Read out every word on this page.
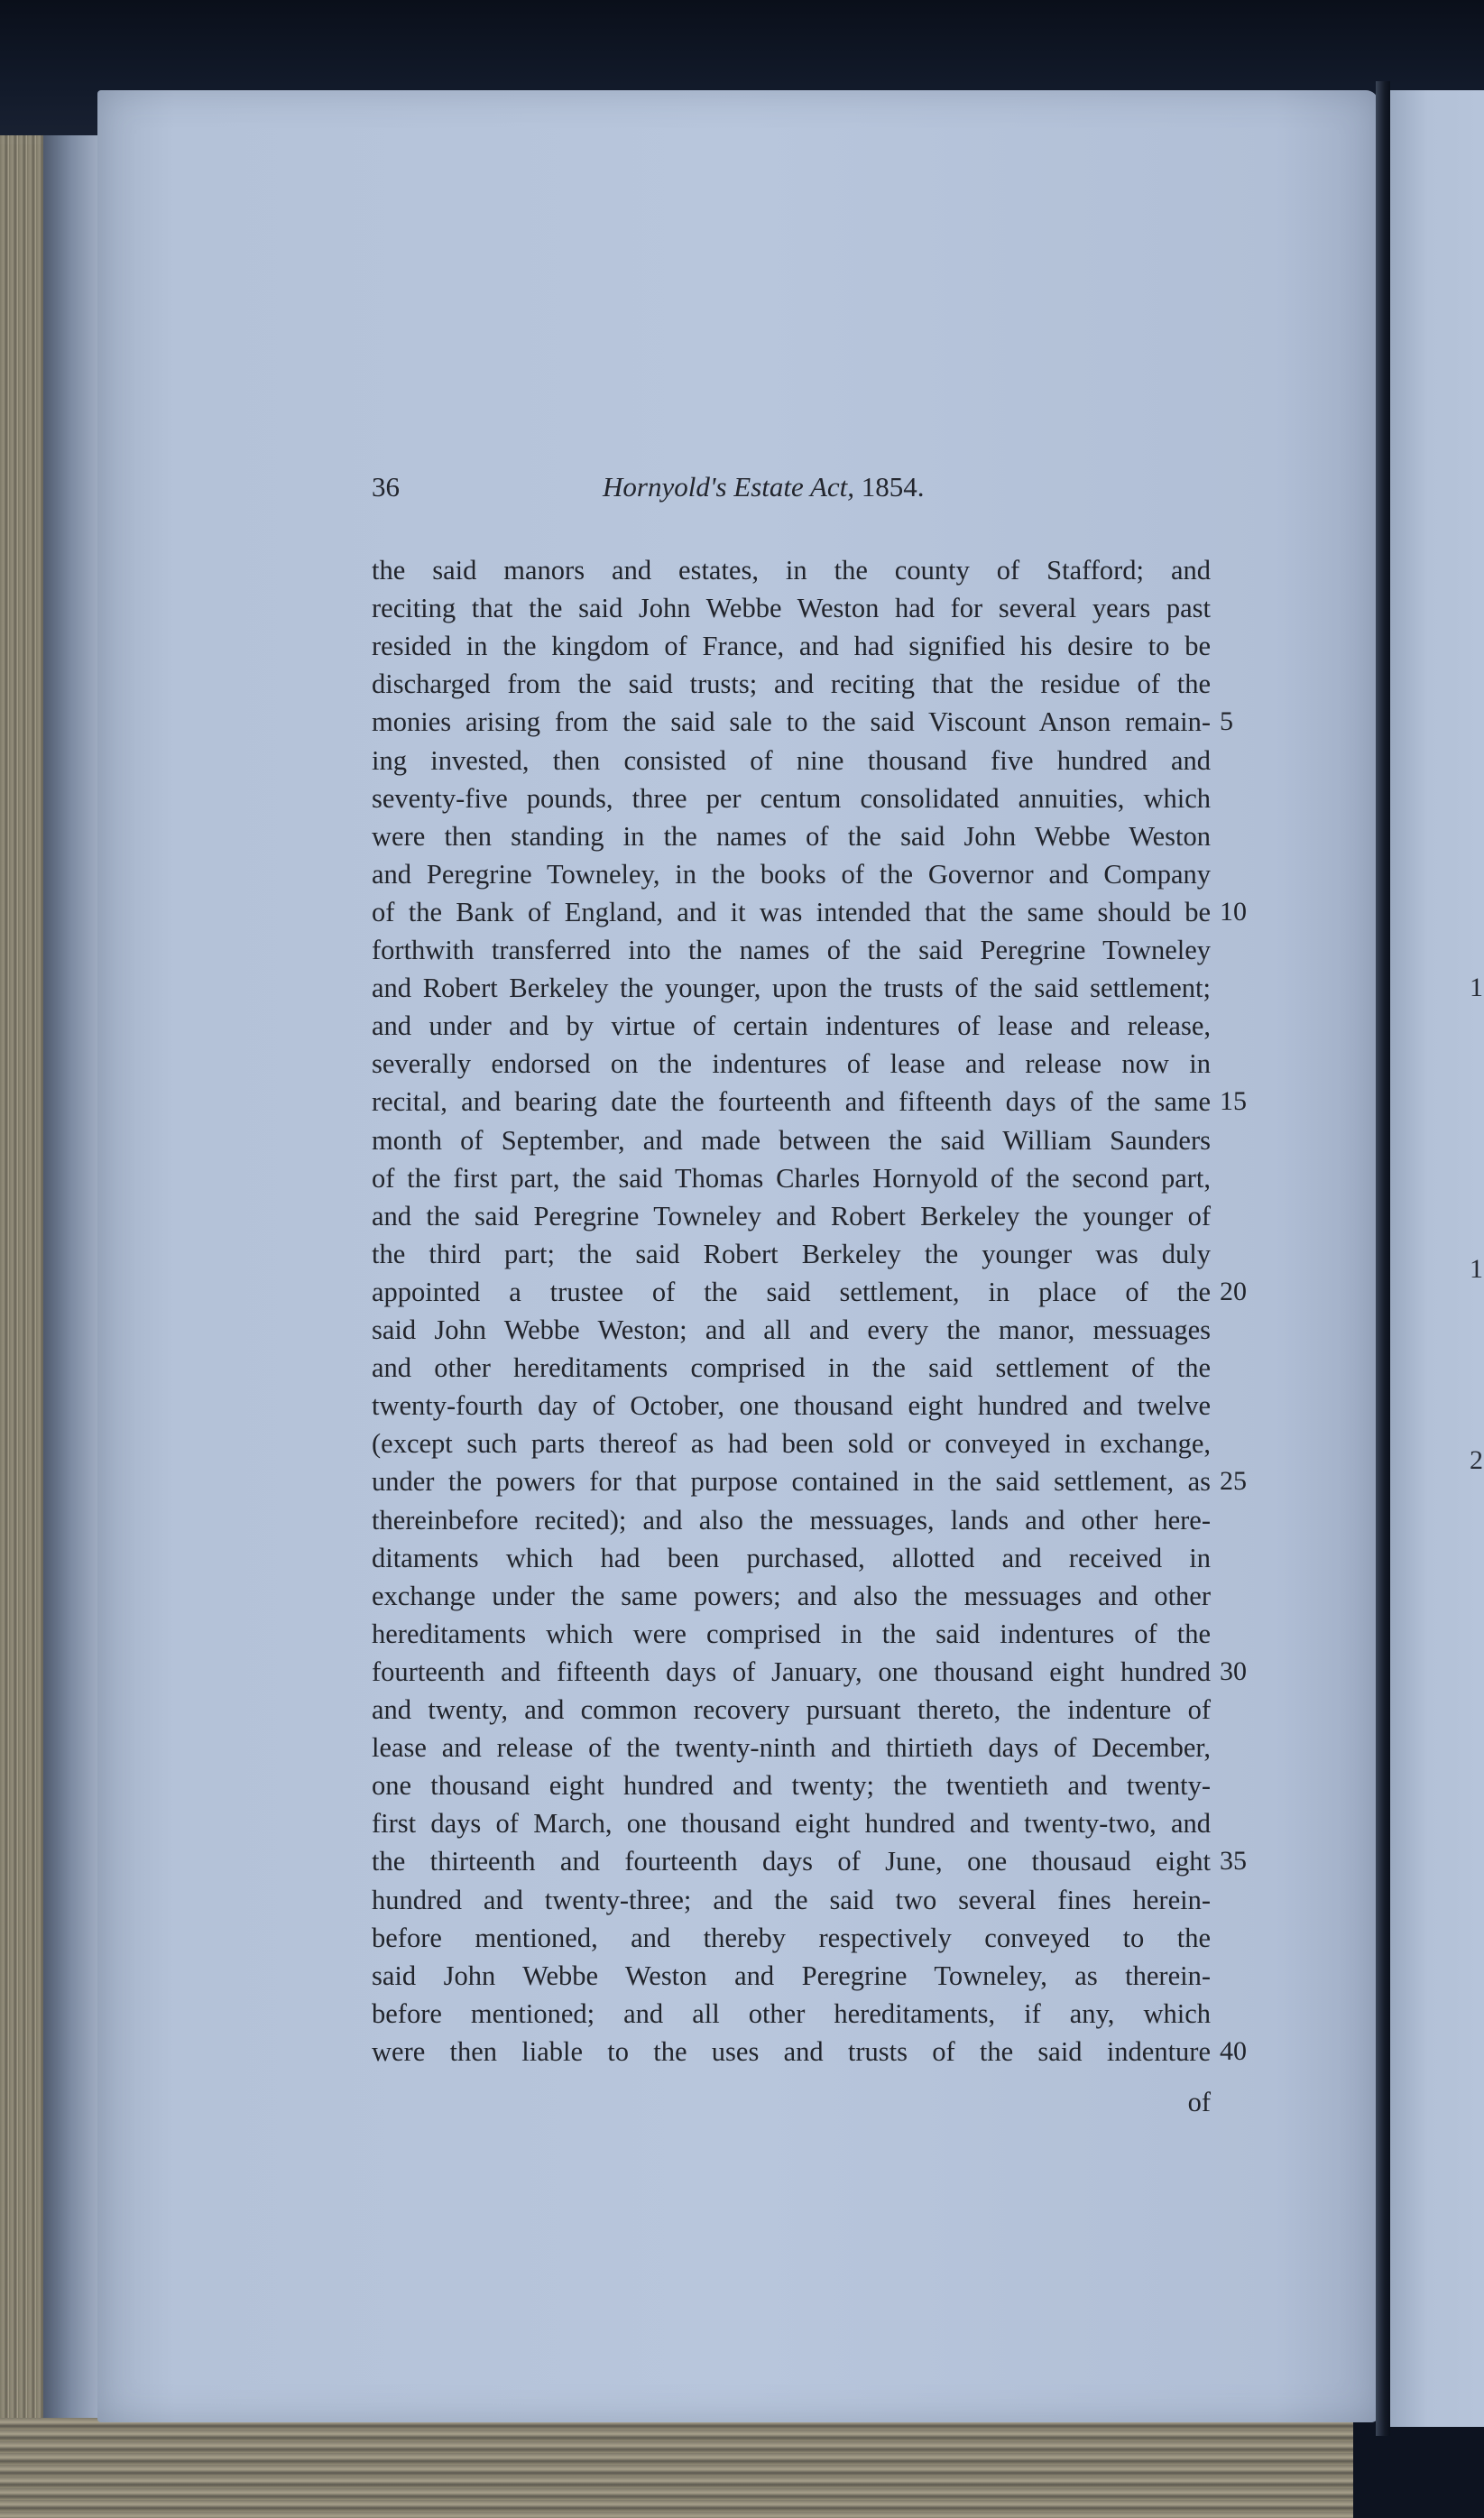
1
1
2
36	Hornyold's Estate Act, 1854.
the said manors and estates, in the county of Stafford; and
reciting that the said John Webbe Weston had for several years past
resided in the kingdom of France, and had signified his desire to be
discharged from the said trusts; and reciting that the residue of the
monies arising from the said sale to the said Viscount Anson remain- 5
ing invested, then consisted of nine thousand five hundred and
seventy-five pounds, three per centum consolidated annuities, which
were then standing in the names of the said John Webbe Weston
and Peregrine Towneley, in the books of the Governor and Company
of the Bank of England, and it was intended that the same should be 10
forthwith transferred into the names of the said Peregrine Towneley
and Robert Berkeley the younger, upon the trusts of the said settlement;
and under and by virtue of certain indentures of lease and release,
severally endorsed on the indentures of lease and release now in
recital, and bearing date the fourteenth and fifteenth days of the same 15
month of September, and made between the said William Saunders
of the first part, the said Thomas Charles Hornyold of the second part,
and the said Peregrine Towneley and Robert Berkeley the younger of
the third part; the said Robert Berkeley the younger was duly
appointed a trustee of the said settlement, in place of the 20
said John Webbe Weston; and all and every the manor, messuages
and other hereditaments comprised in the said settlement of the
twenty-fourth day of October, one thousand eight hundred and twelve
(except such parts thereof as had been sold or conveyed in exchange,
under the powers for that purpose contained in the said settlement, as 25
thereinbefore recited); and also the messuages, lands and other here-
ditaments which had been purchased, allotted and received in
exchange under the same powers; and also the messuages and other
hereditaments which were comprised in the said indentures of the
fourteenth and fifteenth days of January, one thousand eight hundred 30
and twenty, and common recovery pursuant thereto, the indenture of
lease and release of the twenty-ninth and thirtieth days of December,
one thousand eight hundred and twenty; the twentieth and twenty-
first days of March, one thousand eight hundred and twenty-two, and
the thirteenth and fourteenth days of June, one thousaud eight 35
hundred and twenty-three; and the said two several fines herein-
before mentioned, and thereby respectively conveyed to the
said John Webbe Weston and Peregrine Towneley, as therein-
before mentioned; and all other hereditaments, if any, which
were then liable to the uses and trusts of the said indenture 40
of
